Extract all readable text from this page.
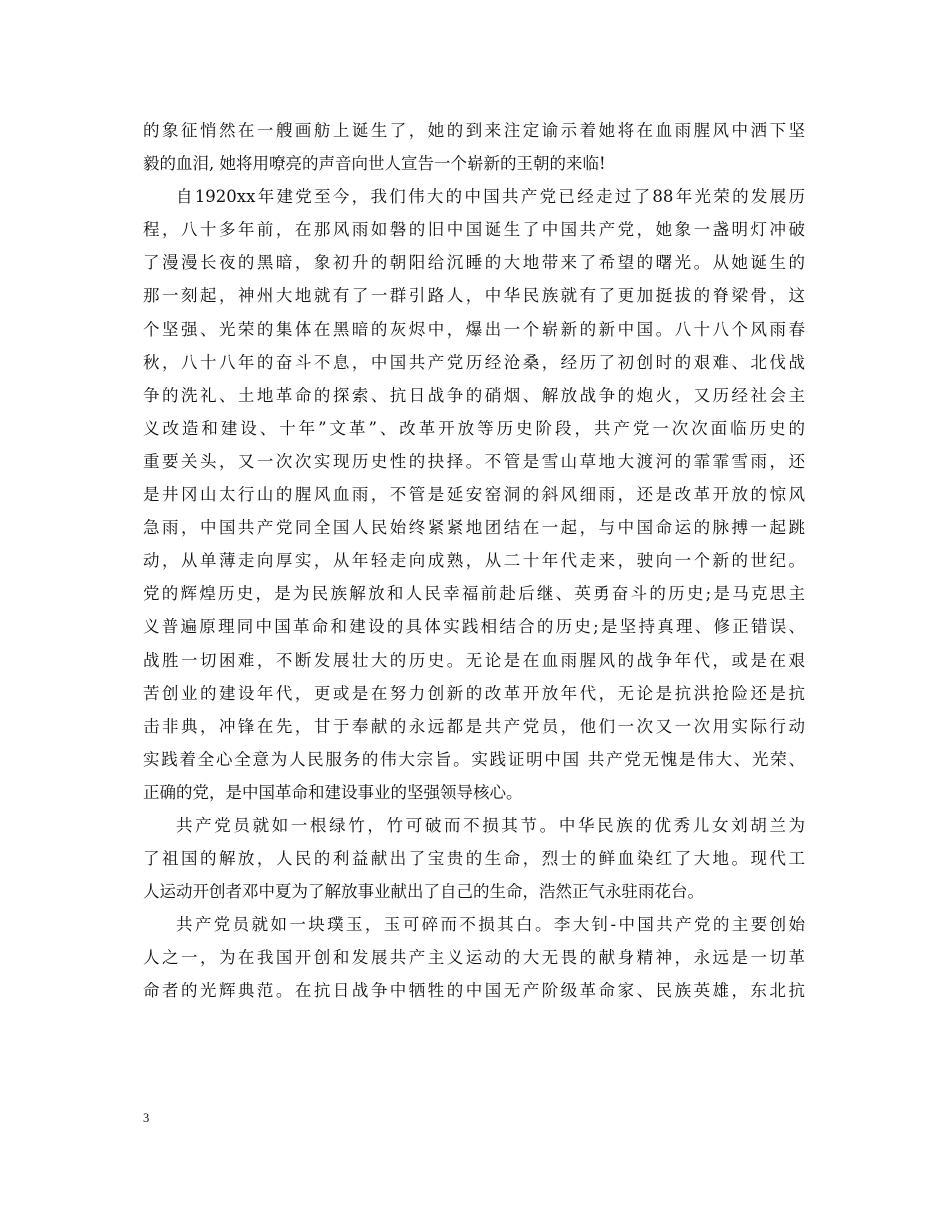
的象征悄然在一艘画舫上诞生了，她的到来注定谕示着她将在血雨腥风中洒下坚
毅的血泪, 她将用嘹亮的声音向世人宣告一个崭新的王朝的来临!
自1920xx年建党至今，我们伟大的中国共产党已经走过了88年光荣的发展历
程，八十多年前，在那风雨如磐的旧中国诞生了中国共产党，她象一盏明灯冲破
了漫漫长夜的黑暗，象初升的朝阳给沉睡的大地带来了希望的曙光。从她诞生的
那一刻起，神州大地就有了一群引路人，中华民族就有了更加挺拔的脊梁骨，这
个坚强、光荣的集体在黑暗的灰烬中，爆出一个崭新的新中国。八十八个风雨春
秋，八十八年的奋斗不息，中国共产党历经沧桑，经历了初创时的艰难、北伐战
争的洗礼、土地革命的探索、抗日战争的硝烟、解放战争的炮火，又历经社会主
义改造和建设、十年”文革”、改革开放等历史阶段，共产党一次次面临历史的
重要关头，又一次次实现历史性的抉择。不管是雪山草地大渡河的霏霏雪雨，还
是井冈山太行山的腥风血雨，不管是延安窑洞的斜风细雨，还是改革开放的惊风
急雨，中国共产党同全国人民始终紧紧地团结在一起，与中国命运的脉搏一起跳
动，从单薄走向厚实，从年轻走向成熟，从二十年代走来，驶向一个新的世纪。
党的辉煌历史，是为民族解放和人民幸福前赴后继、英勇奋斗的历史;是马克思主
义普遍原理同中国革命和建设的具体实践相结合的历史;是坚持真理、修正错误、
战胜一切困难，不断发展壮大的历史。无论是在血雨腥风的战争年代，或是在艰
苦创业的建设年代，更或是在努力创新的改革开放年代，无论是抗洪抢险还是抗
击非典，冲锋在先，甘于奉献的永远都是共产党员，他们一次又一次用实际行动
实践着全心全意为人民服务的伟大宗旨。实践证明中国 共产党无愧是伟大、光荣、
正确的党，是中国革命和建设事业的坚强领导核心。
共产党员就如一根绿竹，竹可破而不损其节。中华民族的优秀儿女刘胡兰为
了祖国的解放，人民的利益献出了宝贵的生命，烈士的鲜血染红了大地。现代工
人运动开创者邓中夏为了解放事业献出了自己的生命，浩然正气永驻雨花台。
共产党员就如一块璞玉，玉可碎而不损其白。李大钊-中国共产党的主要创始
人之一，为在我国开创和发展共产主义运动的大无畏的献身精神，永远是一切革
命者的光辉典范。在抗日战争中牺牲的中国无产阶级革命家、民族英雄，东北抗
3
